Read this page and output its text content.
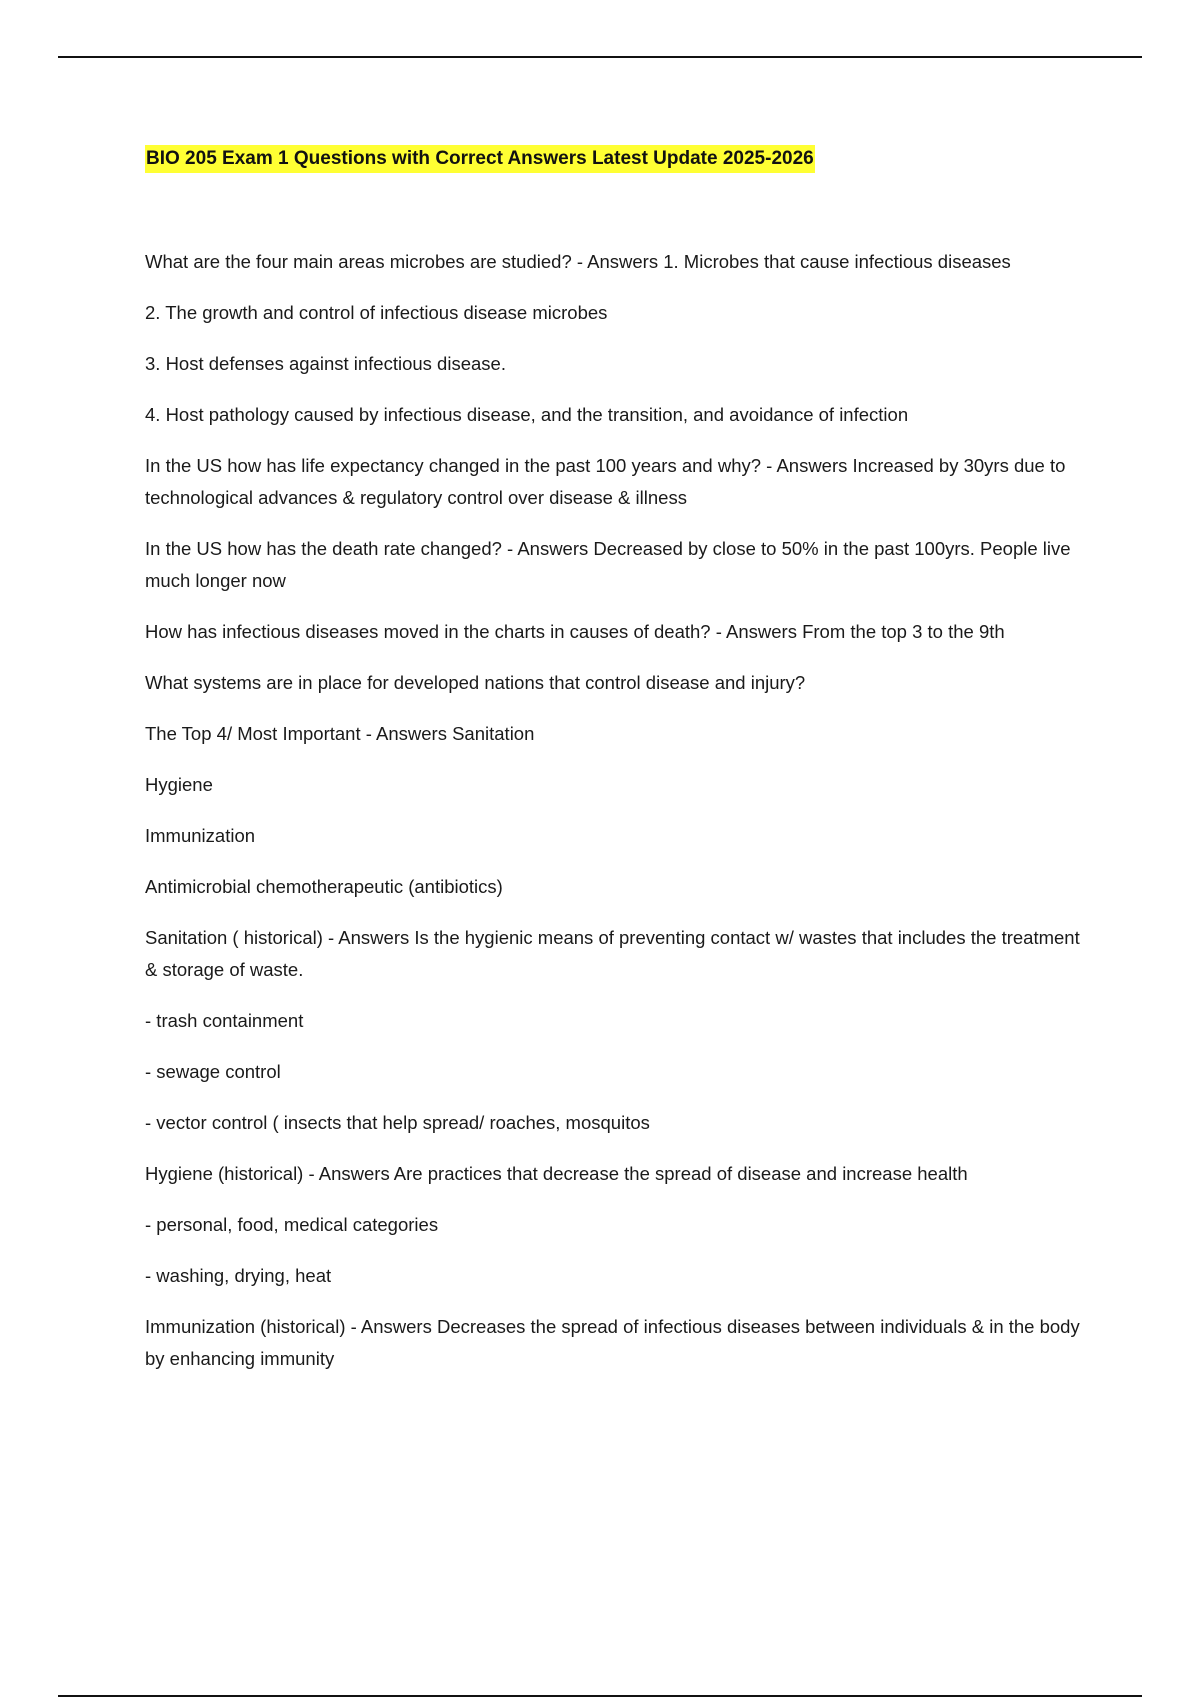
BIO 205 Exam 1 Questions with Correct Answers Latest Update 2025-2026

What are the four main areas microbes are studied? - Answers 1. Microbes that cause infectious diseases

2. The growth and control of infectious disease microbes

3. Host defenses against infectious disease.

4. Host pathology caused by infectious disease, and the transition, and avoidance of infection

In the US how has life expectancy changed in the past 100 years and why? - Answers Increased by 30yrs due to technological advances & regulatory control over disease & illness

In the US how has the death rate changed? - Answers Decreased by close to 50% in the past 100yrs. People live much longer now

How has infectious diseases moved in the charts in causes of death? - Answers From the top 3 to the 9th

What systems are in place for developed nations that control disease and injury?

The Top 4/ Most Important - Answers Sanitation

Hygiene

Immunization

Antimicrobial chemotherapeutic (antibiotics)

Sanitation ( historical) - Answers Is the hygienic means of preventing contact w/ wastes that includes the treatment & storage of waste.

- trash containment

- sewage control

- vector control ( insects that help spread/ roaches, mosquitos

Hygiene (historical) - Answers Are practices that decrease the spread of disease and increase health

- personal, food, medical categories

- washing, drying, heat

Immunization (historical) - Answers Decreases the spread of infectious diseases between individuals & in the body by enhancing immunity
